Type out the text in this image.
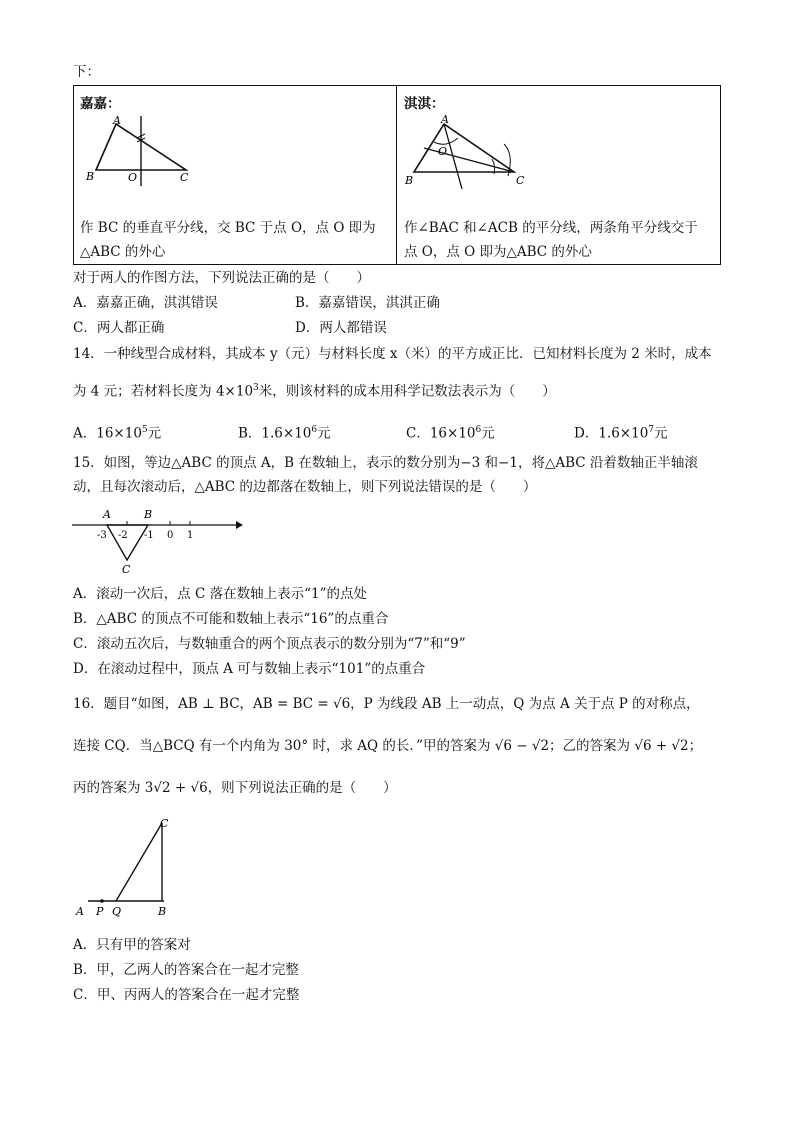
下：
嘉嘉：
A
B	O	C
作 BC 的垂直平分线，交 BC 于点 O，点 O 即为
△ABC 的外心
淇淇：
A
O
B	C
作∠BAC 和∠ACB 的平分线，两条角平分线交于
点 O，点 O 即为△ABC 的外心
对于两人的作图方法，下列说法正确的是（　　）
A．嘉嘉正确，淇淇错误	B．嘉嘉错误，淇淇正确
C．两人都正确	D．两人都错误
14．一种线型合成材料，其成本 y（元）与材料长度 x（米）的平方成正比．已知材料长度为 2 米时，成本
为 4 元；若材料长度为 $4\times 10^3$米，则该材料的成本用科学记数法表示为（　　）
A．$16\times 10^5$元	B．$1.6\times 10^6$元	C．$16\times 10^6$元	D．$1.6\times 10^7$元
15．如图，等边△ABC 的顶点 A，B 在数轴上，表示的数分别为−3 和−1，将△ABC 沿着数轴正半轴滚
动，且每次滚动后，△ABC 的边都落在数轴上，则下列说法错误的是（　　）
A	B
C
-3 -2 -1 0 1
A．滚动一次后，点 C 落在数轴上表示“1”的点处
B．△ABC 的顶点不可能和数轴上表示“16”的点重合
C．滚动五次后，与数轴重合的两个顶点表示的数分别为“7”和“9”
D．在滚动过程中，顶点 A 可与数轴上表示“101”的点重合
16．题目“如图，AB ⊥ BC，AB = BC = √6，P 为线段 AB 上一动点，Q 为点 A 关于点 P 的对称点，
连接 CQ．当△BCQ 有一个内角为 30° 时，求 AQ 的长．”甲的答案为 √6 − √2；乙的答案为 √6 + √2；
丙的答案为 3√2 + √6，则下列说法正确的是（　　）
C
A P Q	B
A．只有甲的答案对
B．甲，乙两人的答案合在一起才完整
C．甲、丙两人的答案合在一起才完整
